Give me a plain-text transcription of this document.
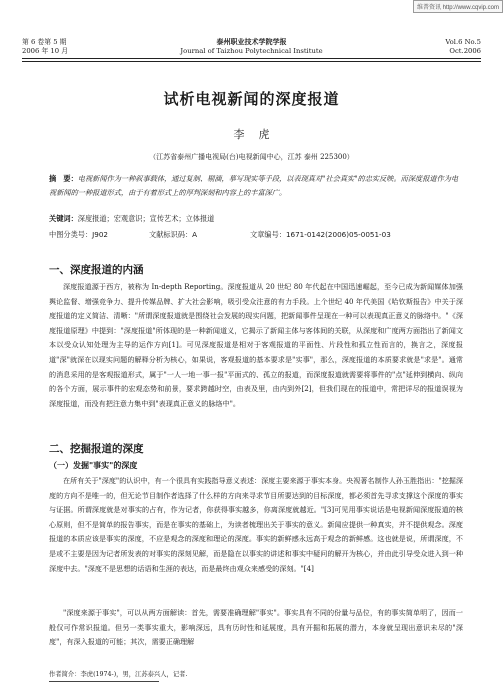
维普资讯 http://www.cqvip.com
第 6 卷第 5 期
2006 年 10 月
泰州职业技术学院学报
Journal of Taizhou Polytechnical Institute
Vol.6 No.5
Oct.2006
试析电视新闻的深度报道
李虎
（江苏省泰州广播电视局(台)电视新闻中心，江苏 泰州 225300）
摘　要：电视新闻作为一种叙事载体，通过复制、剔滴，摹写现实等手段，以表现真对"社会真实"的忠实反映。而深度报道作为电视新闻的一种报道形式，由于有着形式上的厚判深刻和内容上的丰富深广。
关键词：深度报道；宏观意识；宣传艺术；立体报道
中图分类号：J902	文献标识码：A	文章编号：1671-0142(2006)05-0051-03
一、深度报道的内涵

深度报道源于西方，被称为 In-depth Reporting。深度报道从 20 世纪 80 年代起在中国迅速崛起，至今已成为新闻媒体加强舆论监督、增强竞争力、提升传媒品牌、扩大社会影响，吸引受众注意的有力手段。上个世纪 40 年代美国《哈钦斯报告》中关于深度报道的定义简洁、清晰："所谓深度报道就是围绕社会发展的现实问题，把新闻事件呈现在一种可以表现真正意义的脉络中。"《深度报道原理》中提到："深度报道"所体现的是一种新闻道义，它揭示了新闻主体与客体间的关联，从深度和广度两方面指出了新闻文本以受众认知处理为主导的运作方向[1]。可见深度报道是相对于客观报道的平面性、片段性和孤立性而言的，换言之，深度报道"深"就深在以现实问题的解释分析为核心，如果说，客观报道的基本要求是"实事"，那么，深度报道的本质要求就是"求是"。通常的消息采用的是客观报道形式，属于"一人一地一事一报"平面式的、孤立的报道，而深度报道就需要将事件的"点"延伸到横向、纵向的各个方面，展示事件的宏观态势和前景，要求跨越时空，由表及里，由内到外[2]，但我们现在的报道中，常把详尽的报道误视为深度报道，而没有把注意力集中到"表现真正意义的脉络中"。

二、挖掘报道的深度
（一）发掘"事实"的深度

在所有关于"深度"的认识中，有一个很具有实践指导意义表述：深度主要来源于事实本身。央视著名制作人孙玉胜指出："挖掘深度的方向不是唯一的，但无论节目制作者选择了什么样的方向来寻求节目所要达到的目标深度，都必须首先寻求支撑这个深度的事实与证据。所谓深度就是对事实的占有，作为记者，你获得事实越多，你离深度就越近。"[3]可见用事实说话是电视新闻深度报道的核心原则，但不是简单的报告事实，而是在事实的基础上，为读者梳理出关于事实的意义。新闻应提供一种真实，并不提供观念。深度报道的本质应该是事实的深度，不应是观念的深度和理论的深度。事实的新鲜感永远高于观念的新鲜感。这也就是说，所谓深度，不是或不主要是因为记者所发表的对事实的深刻见解，而是隐在以事实的讲述和事实中疑问的解开为核心，并由此引导受众进入到一种深度中去。"深度不是思想的话语和生涯的表达，而是最终由观众来感受的深刻。"[4]

"深度来源于事实"，可以从两方面解读：首先，需要准确理解"事实"。事实具有不同的份量与品位，有的事实简单明了，因而一般仅可作常识报道。但另一类事实重大，影响深远，具有历时性和延展度，具有开掘和拓展的潜力，本身就呈现出意识未尽的"深度"，有深入报道的可能；其次，需要正确理解

作者简介：李虎(1974-)，男，江苏泰兴人，记者.
